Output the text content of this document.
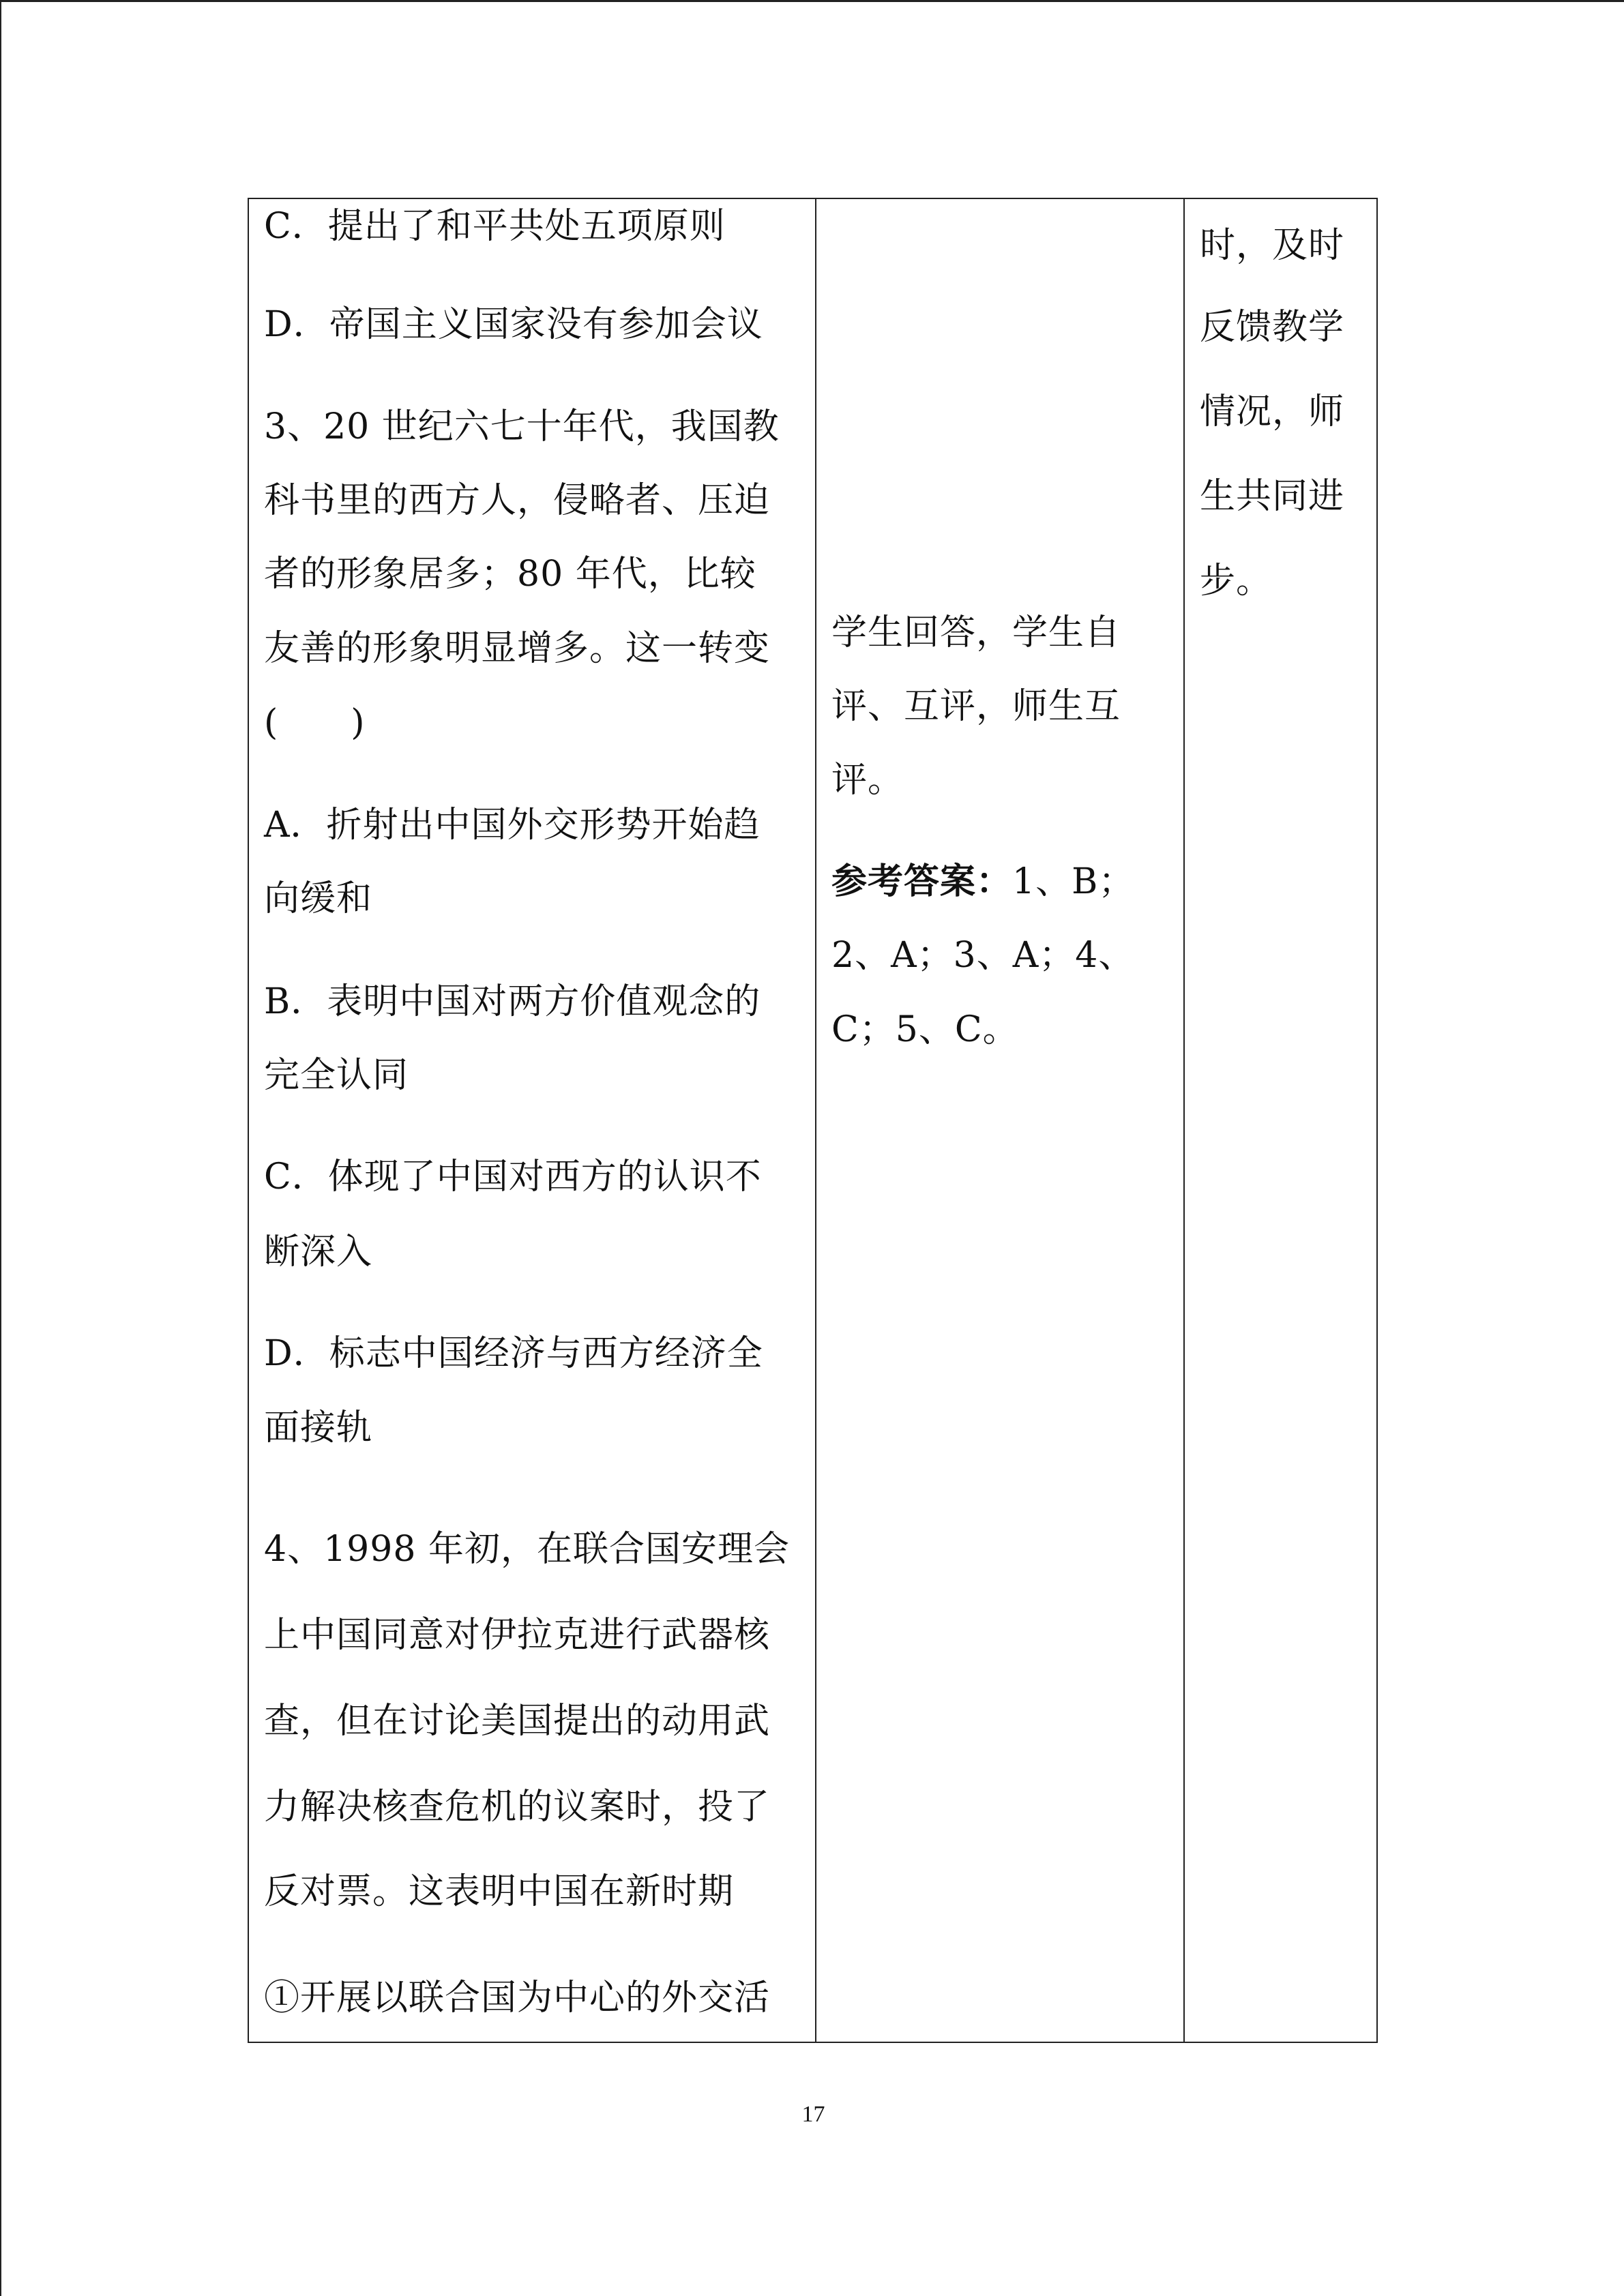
C．提出了和平共处五项原则
D．帝国主义国家没有参加会议
3、20 世纪六七十年代，我国教
科书里的西方人，侵略者、压迫
者的形象居多；80 年代，比较
友善的形象明显增多。这一转变
(　　)
A．折射出中国外交形势开始趋
向缓和
B．表明中国对两方价值观念的
完全认同
C．体现了中国对西方的认识不
断深入
D．标志中国经济与西方经济全
面接轨
4、1998 年初，在联合国安理会
上中国同意对伊拉克进行武器核
查，但在讨论美国提出的动用武
力解决核查危机的议案时，投了
反对票。这表明中国在新时期
①开展以联合国为中心的外交活
学生回答，学生自
评、互评，师生互
评。
参考答案：1、B；
2、A；3、A；4、
C；5、C。
时，及时
反馈教学
情况，师
生共同进
步。
17
